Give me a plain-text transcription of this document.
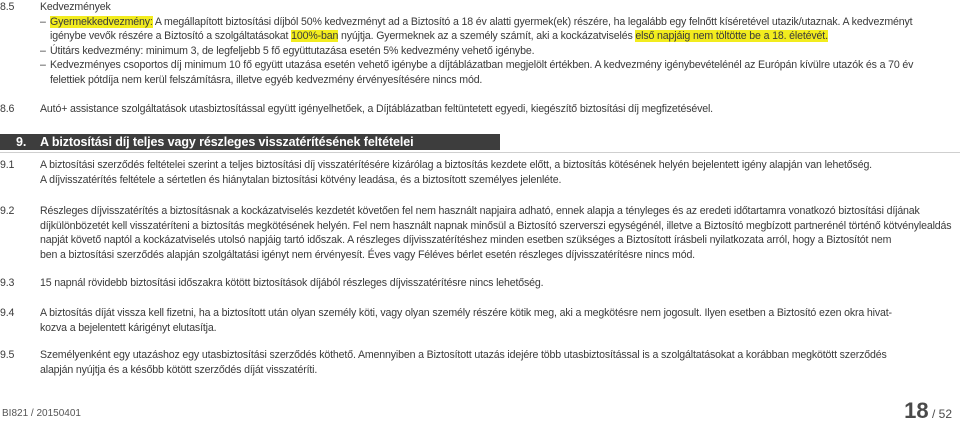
8.5	Kedvezmények
– Gyermekkedvezmény: A megállapított biztosítási díjból 50% kedvezményt ad a Biztosító a 18 év alatti gyermek(ek) részére, ha legalább egy felnőtt kíséretével utazik/utaznak. A kedvezményt
igénybe vevők részére a Biztosító a szolgáltatásokat 100%-ban nyújtja. Gyermeknek az a személy számít, aki a kockázatviselés első napjáig nem töltötte be a 18. életévét.
– Útitárs kedvezmény: minimum 3, de legfeljebb 5 fő együttutazása esetén 5% kedvezmény vehető igénybe.
– Kedvezményes csoportos díj minimum 10 fő együtt utazása esetén vehető igénybe a díjtáblázatban megjelölt értékben. A kedvezmény igénybevételénél az Európán kívülre utazók és a 70 év
felettiek pótdíja nem kerül felszámításra, illetve egyéb kedvezmény érvényesítésére nincs mód.
8.6	Autó+ assistance szolgáltatások utasbiztosítással együtt igényelhetőek, a Díjtáblázatban feltüntetett egyedi, kiegészítő biztosítási díj megfizetésével.
9. A biztosítási díj teljes vagy részleges visszatérítésének feltételei
9.1	A biztosítási szerződés feltételei szerint a teljes biztosítási díj visszatérítésére kizárólag a biztosítás kezdete előtt, a biztosítás kötésének helyén bejelentett igény alapján van lehetőség.
A díjvisszatérítés feltétele a sértetlen és hiánytalan biztosítási kötvény leadása, és a biztosított személyes jelenléte.
9.2	Részleges díjvisszatérítés a biztosításnak a kockázatviselés kezdetét követően fel nem használt napjaira adható, ennek alapja a tényleges és az eredeti időtartamra vonatkozó biztosítási díjának
díjkülönbözetét kell visszatéríteni a biztosítás megkötésének helyén. Fel nem használt napnak minősül a Biztosító szerverszi egységénél, illetve a Biztosító megbízott partnerénél történő kötvénylealdás
napját követő naptól a kockázatviselés utolsó napjáig tartó időszak. A részleges díjvisszatérítéshez minden esetben szükséges a Biztosított írásbeli nyilatkozata arról, hogy a Biztosítót nem
ben a biztosítási szerződés alapján szolgáltatási igényt nem érvényesít. Éves vagy Féléves bérlet esetén részleges díjvisszatérítésre nincs mód.
9.3	15 napnál rövidebb biztosítási időszakra kötött biztosítások díjából részleges díjvisszatérítésre nincs lehetőség.
9.4	A biztosítás díját vissza kell fizetni, ha a biztosított után olyan személy köti, vagy olyan személy részére kötik meg, aki a megkötésre nem jogosult. Ilyen esetben a Biztosító ezen okra hivat-
kozva a bejelentett kárigényt elutasítja.
9.5	Személyenként egy utazáshoz egy utasbiztosítási szerződés köthető. Amennyiben a Biztosított utazás idejére több utasbiztosítással is a szolgáltatásokat a korábban megkötött szerződés
alapján nyújtja és a később kötött szerződés díját visszatéríti.
BI821 / 20150401	18 / 52
